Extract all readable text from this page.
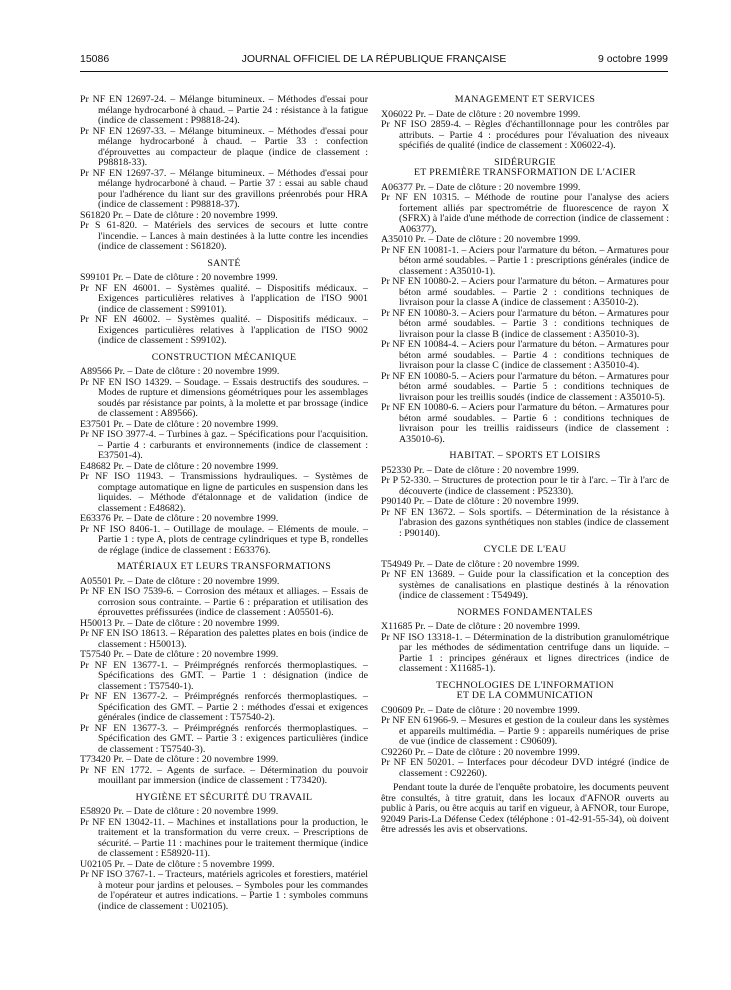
15086	JOURNAL OFFICIEL DE LA RÉPUBLIQUE FRANÇAISE	9 octobre 1999

Pr NF EN 12697-24. – Mélange bitumineux. – Méthodes d'essai pour mélange hydrocarboné à chaud. – Partie 24 : résistance à la fatigue (indice de classement : P98818-24).

Pr NF EN 12697-33. – Mélange bitumineux. – Méthodes d'essai pour mélange hydrocarboné à chaud. – Partie 33 : confection d'éprouvettes au compacteur de plaque (indice de classement : P98818-33).

Pr NF EN 12697-37. – Mélange bitumineux. – Méthodes d'essai pour mélange hydrocarboné à chaud. – Partie 37 : essai au sable chaud pour l'adhérence du liant sur des gravillons préenrobés pour HRA (indice de classement : P98818-37).

S61820 Pr. – Date de clôture : 20 novembre 1999.

Pr S 61-820. – Matériels des services de secours et lutte contre l'incendie. – Lances à main destinées à la lutte contre les incendies (indice de classement : S61820).

SANTÉ

S99101 Pr. – Date de clôture : 20 novembre 1999.

Pr NF EN 46001. – Systèmes qualité. – Dispositifs médicaux. – Exigences particulières relatives à l'application de l'ISO 9001 (indice de classement : S99101).

Pr NF EN 46002. – Systèmes qualité. – Dispositifs médicaux. – Exigences particulières relatives à l'application de l'ISO 9002 (indice de classement : S99102).

CONSTRUCTION MÉCANIQUE

A89566 Pr. – Date de clôture : 20 novembre 1999.

Pr NF EN ISO 14329. – Soudage. – Essais destructifs des soudures. – Modes de rupture et dimensions géométriques pour les assemblages soudés par résistance par points, à la molette et par brossage (indice de classement : A89566).

E37501 Pr. – Date de clôture : 20 novembre 1999.

Pr NF ISO 3977-4. – Turbines à gaz. – Spécifications pour l'acquisition. – Partie 4 : carburants et environnements (indice de classement : E37501-4).

E48682 Pr. – Date de clôture : 20 novembre 1999.

Pr NF ISO 11943. – Transmissions hydrauliques. – Systèmes de comptage automatique en ligne de particules en suspension dans les liquides. – Méthode d'étalonnage et de validation (indice de classement : E48682).

E63376 Pr. – Date de clôture : 20 novembre 1999.

Pr NF ISO 8406-1. – Outillage de moulage. – Eléments de moule. – Partie 1 : type A, plots de centrage cylindriques et type B, rondelles de réglage (indice de classement : E63376).

MATÉRIAUX ET LEURS TRANSFORMATIONS

A05501 Pr. – Date de clôture : 20 novembre 1999.

Pr NF EN ISO 7539-6. – Corrosion des métaux et alliages. – Essais de corrosion sous contrainte. – Partie 6 : préparation et utilisation des éprouvettes préfissurées (indice de classement : A05501-6).

H50013 Pr. – Date de clôture : 20 novembre 1999.

Pr NF EN ISO 18613. – Réparation des palettes plates en bois (indice de classement : H50013).

T57540 Pr. – Date de clôture : 20 novembre 1999.

Pr NF EN 13677-1. – Préimprégnés renforcés thermoplastiques. – Spécifications des GMT. – Partie 1 : désignation (indice de classement : T57540-1).

Pr NF EN 13677-2. – Préimprégnés renforcés thermoplastiques. – Spécification des GMT. – Partie 2 : méthodes d'essai et exigences générales (indice de classement : T57540-2).

Pr NF EN 13677-3. – Préimprégnés renforcés thermoplastiques. – Spécification des GMT. – Partie 3 : exigences particulières (indice de classement : T57540-3).

T73420 Pr. – Date de clôture : 20 novembre 1999.

Pr NF EN 1772. – Agents de surface. – Détermination du pouvoir mouillant par immersion (indice de classement : T73420).

HYGIÈNE ET SÉCURITÉ DU TRAVAIL

E58920 Pr. – Date de clôture : 20 novembre 1999.

Pr NF EN 13042-11. – Machines et installations pour la production, le traitement et la transformation du verre creux. – Prescriptions de sécurité. – Partie 11 : machines pour le traitement thermique (indice de classement : E58920-11).

U02105 Pr. – Date de clôture : 5 novembre 1999.

Pr NF ISO 3767-1. – Tracteurs, matériels agricoles et forestiers, matériel à moteur pour jardins et pelouses. – Symboles pour les commandes de l'opérateur et autres indications. – Partie 1 : symboles communs (indice de classement : U02105).

MANAGEMENT ET SERVICES

X06022 Pr. – Date de clôture : 20 novembre 1999.

Pr NF ISO 2859-4. – Règles d'échantillonnage pour les contrôles par attributs. – Partie 4 : procédures pour l'évaluation des niveaux spécifiés de qualité (indice de classement : X06022-4).

SIDÉRURGIE
ET PREMIÈRE TRANSFORMATION DE L'ACIER

A06377 Pr. – Date de clôture : 20 novembre 1999.

Pr NF EN 10315. – Méthode de routine pour l'analyse des aciers fortement alliés par spectrométrie de fluorescence de rayon X (SFRX) à l'aide d'une méthode de correction (indice de classement : A06377).

A35010 Pr. – Date de clôture : 20 novembre 1999.

Pr NF EN 10081-1. – Aciers pour l'armature du béton. – Armatures pour béton armé soudables. – Partie 1 : prescriptions générales (indice de classement : A35010-1).

Pr NF EN 10080-2. – Aciers pour l'armature du béton. – Armatures pour béton armé soudables. – Partie 2 : conditions techniques de livraison pour la classe A (indice de classement : A35010-2).

Pr NF EN 10080-3. – Aciers pour l'armature du béton. – Armatures pour béton armé soudables. – Partie 3 : conditions techniques de livraison pour la classe B (indice de classement : A35010-3).

Pr NF EN 10084-4. – Aciers pour l'armature du béton. – Armatures pour béton armé soudables. – Partie 4 : conditions techniques de livraison pour la classe C (indice de classement : A35010-4).

Pr NF EN 10080-5. – Aciers pour l'armature du béton. – Armatures pour béton armé soudables. – Partie 5 : conditions techniques de livraison pour les treillis soudés (indice de classement : A35010-5).

Pr NF EN 10080-6. – Aciers pour l'armature du béton. – Armatures pour béton armé soudables. – Partie 6 : conditions techniques de livraison pour les treillis raidisseurs (indice de classement : A35010-6).

HABITAT. – SPORTS ET LOISIRS

P52330 Pr. – Date de clôture : 20 novembre 1999.

Pr P 52-330. – Structures de protection pour le tir à l'arc. – Tir à l'arc de découverte (indice de classement : P52330).

P90140 Pr. – Date de clôture : 20 novembre 1999.

Pr NF EN 13672. – Sols sportifs. – Détermination de la résistance à l'abrasion des gazons synthétiques non stables (indice de classement : P90140).

CYCLE DE L'EAU

T54949 Pr. – Date de clôture : 20 novembre 1999.

Pr NF EN 13689. – Guide pour la classification et la conception des systèmes de canalisations en plastique destinés à la rénovation (indice de classement : T54949).

NORMES FONDAMENTALES

X11685 Pr. – Date de clôture : 20 novembre 1999.

Pr NF ISO 13318-1. – Détermination de la distribution granulométrique par les méthodes de sédimentation centrifuge dans un liquide. – Partie 1 : principes généraux et lignes directrices (indice de classement : X11685-1).

TECHNOLOGIES DE L'INFORMATION
ET DE LA COMMUNICATION

C90609 Pr. – Date de clôture : 20 novembre 1999.

Pr NF EN 61966-9. – Mesures et gestion de la couleur dans les systèmes et appareils multimédia. – Partie 9 : appareils numériques de prise de vue (indice de classement : C90609).

C92260 Pr. – Date de clôture : 20 novembre 1999.

Pr NF EN 50201. – Interfaces pour décodeur DVD intégré (indice de classement : C92260).

Pendant toute la durée de l'enquête probatoire, les documents peuvent être consultés, à titre gratuit, dans les locaux d'AFNOR ouverts au public à Paris, ou être acquis au tarif en vigueur, à AFNOR, tour Europe, 92049 Paris-La Défense Cedex (téléphone : 01-42-91-55-34), où doivent être adressés les avis et observations.
